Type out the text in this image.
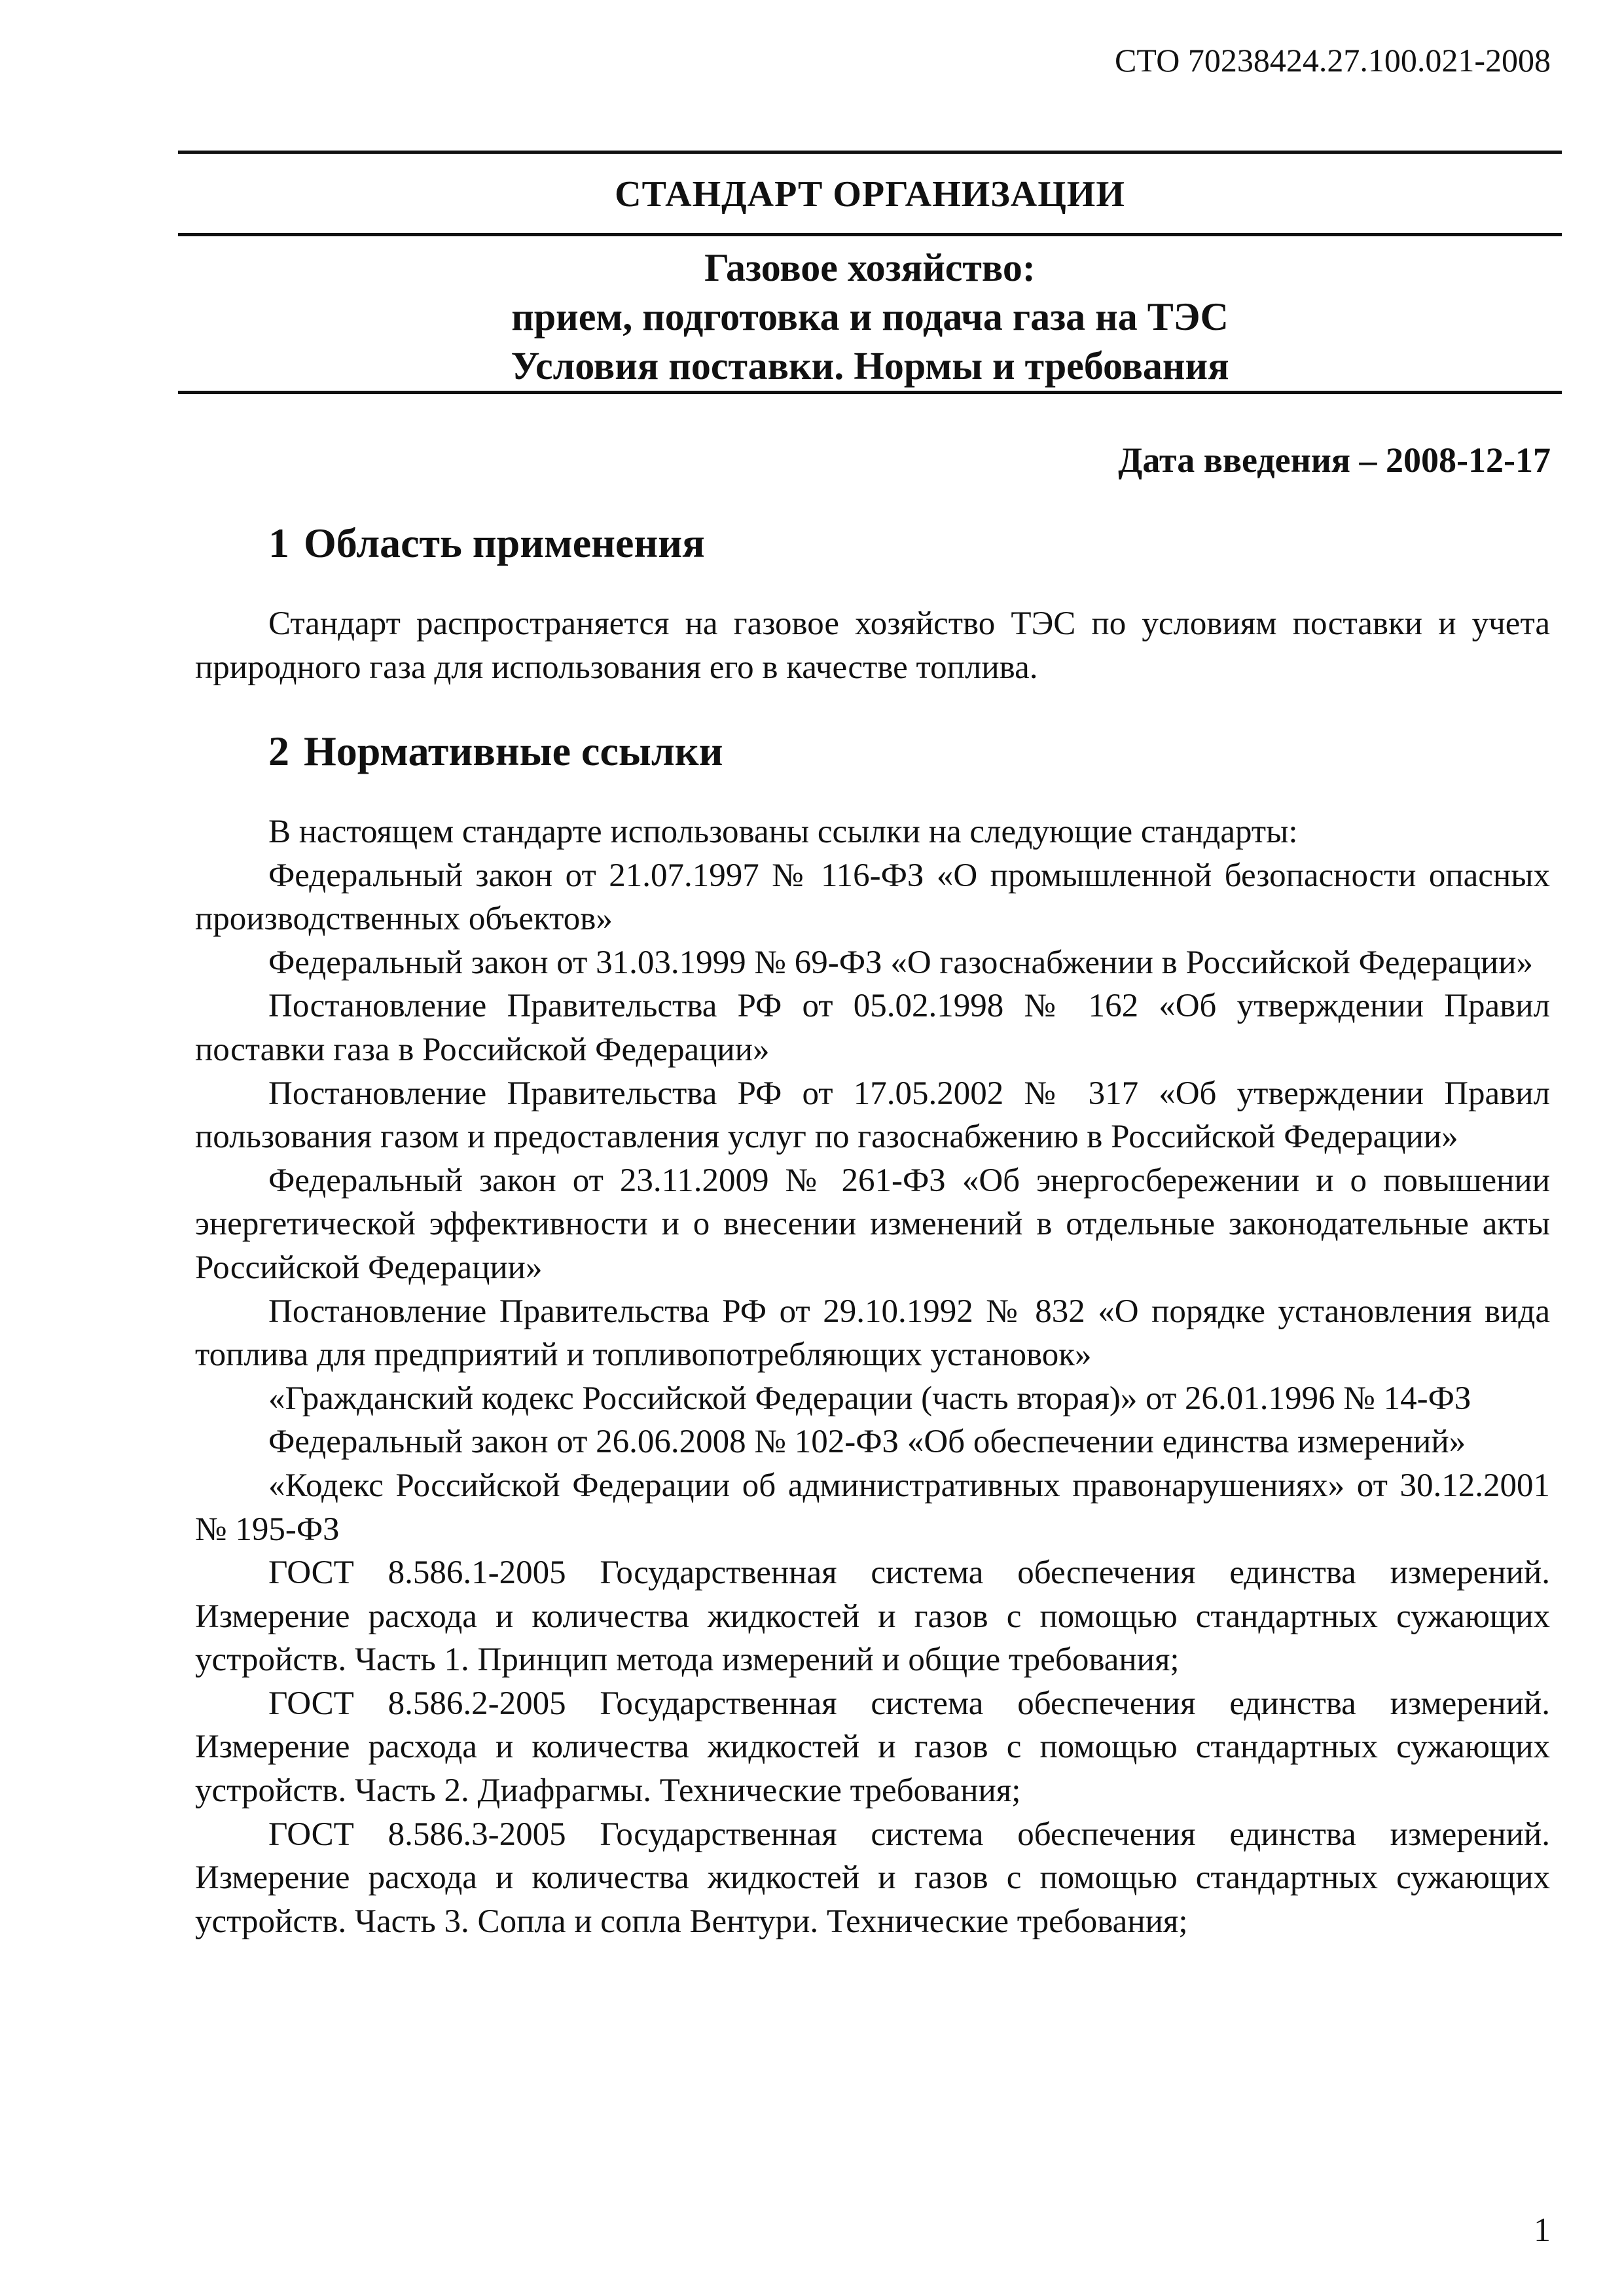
СТО 70238424.27.100.021-2008
СТАНДАРТ ОРГАНИЗАЦИИ
Газовое хозяйство:
прием, подготовка и подача газа на ТЭС
Условия поставки. Нормы и требования
Дата введения – 2008-12-17
1 Область применения

Стандарт распространяется на газовое хозяйство ТЭС по условиям поставки и учета природного газа для использования его в качестве топлива.

2 Нормативные ссылки

В настоящем стандарте использованы ссылки на следующие стандарты:

Федеральный закон от 21.07.1997 № 116-ФЗ «О промышленной безопасности опасных производственных объектов»

Федеральный закон от 31.03.1999 № 69-ФЗ «О газоснабжении в Российской Федерации»

Постановление Правительства РФ от 05.02.1998 № 162 «Об утверждении Правил поставки газа в Российской Федерации»

Постановление Правительства РФ от 17.05.2002 № 317 «Об утверждении Правил пользования газом и предоставления услуг по газоснабжению в Российской Федерации»

Федеральный закон от 23.11.2009 № 261-ФЗ «Об энергосбережении и о повышении энергетической эффективности и о внесении изменений в отдельные законодательные акты Российской Федерации»

Постановление Правительства РФ от 29.10.1992 № 832 «О порядке установления вида топлива для предприятий и топливопотребляющих установок»

«Гражданский кодекс Российской Федерации (часть вторая)» от 26.01.1996 № 14-ФЗ

Федеральный закон от 26.06.2008 № 102-ФЗ «Об обеспечении единства измерений»

«Кодекс Российской Федерации об административных правонарушениях» от 30.12.2001 № 195-ФЗ

ГОСТ 8.586.1-2005 Государственная система обеспечения единства измерений. Измерение расхода и количества жидкостей и газов с помощью стандартных сужающих устройств. Часть 1. Принцип метода измерений и общие требования;

ГОСТ 8.586.2-2005 Государственная система обеспечения единства измерений. Измерение расхода и количества жидкостей и газов с помощью стандартных сужающих устройств. Часть 2. Диафрагмы. Технические требования;

ГОСТ 8.586.3-2005 Государственная система обеспечения единства измерений. Измерение расхода и количества жидкостей и газов с помощью стандартных сужающих устройств. Часть 3. Сопла и сопла Вентури. Технические требования;

1
